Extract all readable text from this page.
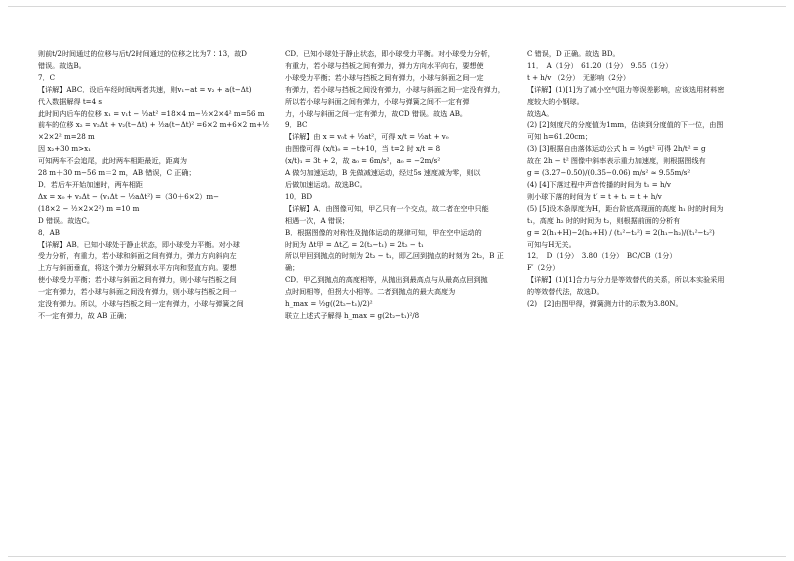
则前t/2时间通过的位移与后t/2时间通过的位移之比为7∶13，故D

错误。故选B。

7．C

【详解】ABC．设后车经时间t两者共速，则v₁−at = v₂ + a(t−Δt)

代入数据解得 t=4 s

此时间内后车的位移 x₁ = v₁t − ½at² =18×4 m−½×2×4² m=56 m

前车的位移 x₂ = v₂Δt + v₂(t−Δt) + ½a(t−Δt)² =6×2 m+6×2 m+½

×2×2² m=28 m

因 x₂+30 m>x₁

可知两车不会追尾，此时两车相距最近，距离为

28 m＋30 m−56 m＝2 m，AB 错误，C 正确；

D．若后车开始加速时，两车相距

Δx = x₀ + v₂Δt − (v₁Δt − ½aΔt²) =（30＋6×2）m−

(18×2 − ½×2×2²) m =10 m

D 错误。故选C。

8．AB

【详解】AB．已知小球处于静止状态，即小球受力平衡。对小球

受力分析，有重力，若小球和斜面之间有弹力，弹力方向斜向左

上方与斜面垂直，将这个弹力分解到水平方向和竖直方向。要想

使小球受力平衡；若小球与斜面之间有弹力，则小球与挡板之间

一定有弹力，若小球与斜面之间没有弹力，则小球与挡板之间一

定没有弹力。所以，小球与挡板之间一定有弹力，小球与弹簧之间

不一定有弹力，故 AB 正确；

CD．已知小球处于静止状态，即小球受力平衡。对小球受力分析，

有重力，若小球与挡板之间有弹力，弹力方向水平向右，要想使

小球受力平衡；若小球与挡板之间有弹力，小球与斜面之间一定

有弹力，若小球与挡板之间没有弹力，小球与斜面之间一定没有弹力，

所以若小球与斜面之间有弹力，小球与弹簧之间不一定有弹

力，小球与斜面之间一定有弹力，故CD 错误。故选 AB。

9．BC

【详解】由 x = v₀t + ½at²，可得 x/t = ½at + v₀

由图像可得 (x/t)₀ = −t+10，当 t=2 时 x/t = 8

(x/t)₁ = 3t + 2，故 a₀ = 6m/s²，a₀ = −2m/s²

A 做匀加速运动，B 先做减速运动，经过5s 速度减为零，则以

后做加速运动。故选BC。

10．BD

【详解】A．由图像可知，甲乙只有一个交点，故二者在空中只能

相遇一次，A 错误；

B．根据图像的对称性及抛体运动的规律可知，甲在空中运动的

时间为 Δt甲 = Δt乙 = 2(t₂−t₁) = 2t₂ − t₁

所以甲回到抛点的时刻为 2t₂ − t₁，即乙回到抛点的时刻为 2t₂，B 正

确；

CD．甲乙到抛点的高度相等，从抛出到最高点与从最高点回到抛

点时间相等，但拐大小相等。二者到抛点的最大高度为

h_max = ½g((2t₂−t₁)/2)²

联立上述式子解得 h_max = g(2t₂−t₁)²/8

C 错误，D 正确。故选 BD。

11．　A（1分）　61.20（1分）　9.55（1分）

t + h/v （2分）　无影响（2分）

【详解】(1)[1]为了减小空气阻力等误差影响，应该选用材料密

度较大的小钢球。

故选A。

(2) [2]刻度尺的分度值为1mm，估读到分度值的下一位，由图

可知 h=61.20cm；

(3) [3]根据自由落体运动公式 h = ½gt² 可得 2h/t² = g

故在 2h − t² 图像中斜率表示重力加速度，则根据图线有

g = (3.27−0.50)/(0.35−0.06) m/s² ≈ 9.55m/s²

(4) [4]下落过程中声音传播的时间为 t₁ = h/v

则小球下落的时间为 t′ = t + t₁ = t + h/v

(5) [5]设木条厚度为H，距台阶底高现面的高度 h₁ 时的时间为

t₁，高度 h₂ 时的时间为 t₂，则根据前面的分析有

g = 2(h₁+H)−2(h₂+H) / (t₁²−t₂²) = 2(h₁−h₂)/(t₁²−t₂²)

可知与H无关。

12．　D（1分）　3.80（1分）　BC/CB（1分）

F′（2分）

【详解】(1)[1]合力与分力是等效替代的关系，所以本实验采用

的等效替代法，故选D。

(2)　[2]由图甲得，弹簧测力计的示数为3.80N。
